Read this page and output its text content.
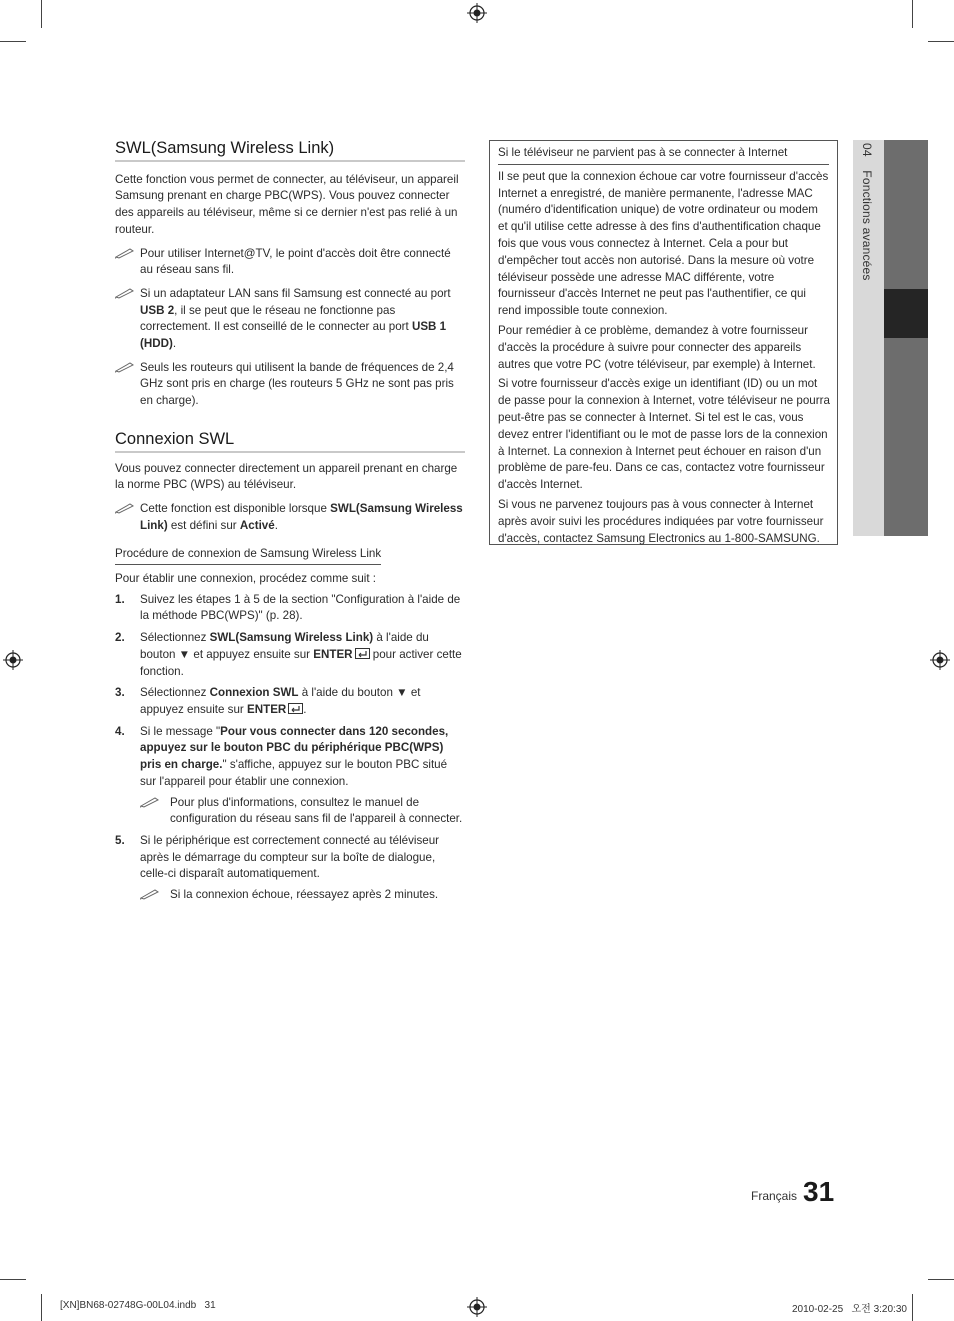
04 Fonctions avancées
SWL(Samsung Wireless Link)

Cette fonction vous permet de connecter, au téléviseur, un appareil Samsung prenant en charge PBC(WPS). Vous pouvez connecter des appareils au téléviseur, même si ce dernier n'est pas relié à un routeur.

Pour utiliser Internet@TV, le point d'accès doit être connecté au réseau sans fil.
Si un adaptateur LAN sans fil Samsung est connecté au port USB 2, il se peut que le réseau ne fonctionne pas correctement. Il est conseillé de le connecter au port USB 1 (HDD).
Seuls les routeurs qui utilisent la bande de fréquences de 2,4 GHz sont pris en charge (les routeurs 5 GHz ne sont pas pris en charge).
Connexion SWL

Vous pouvez connecter directement un appareil prenant en charge la norme PBC (WPS) au téléviseur.

Cette fonction est disponible lorsque SWL(Samsung Wireless Link) est défini sur Activé.
Procédure de connexion de Samsung Wireless Link

Pour établir une connexion, procédez comme suit :

1. Suivez les étapes 1 à 5 de la section "Configuration à l'aide de la méthode PBC(WPS)" (p. 28).
2. Sélectionnez SWL(Samsung Wireless Link) à l'aide du bouton ▼ et appuyez ensuite sur ENTER pour activer cette fonction.
3. Sélectionnez Connexion SWL à l'aide du bouton ▼ et appuyez ensuite sur ENTER .
4. Si le message "Pour vous connecter dans 120 secondes, appuyez sur le bouton PBC du périphérique PBC(WPS) pris en charge." s'affiche, appuyez sur le bouton PBC situé sur l'appareil pour établir une connexion.
Pour plus d'informations, consultez le manuel de configuration du réseau sans fil de l'appareil à connecter.
5. Si le périphérique est correctement connecté au téléviseur après le démarrage du compteur sur la boîte de dialogue, celle-ci disparaît automatiquement.
Si la connexion échoue, réessayez après 2 minutes.
Si le téléviseur ne parvient pas à se connecter à Internet

Il se peut que la connexion échoue car votre fournisseur d'accès Internet a enregistré, de manière permanente, l'adresse MAC (numéro d'identification unique) de votre ordinateur ou modem et qu'il utilise cette adresse à des fins d'authentification chaque fois que vous vous connectez à Internet. Cela a pour but d'empêcher tout accès non autorisé. Dans la mesure où votre téléviseur possède une adresse MAC différente, votre fournisseur d'accès Internet ne peut pas l'authentifier, ce qui rend impossible toute connexion.

Pour remédier à ce problème, demandez à votre fournisseur d'accès la procédure à suivre pour connecter des appareils autres que votre PC (votre téléviseur, par exemple) à Internet.

Si votre fournisseur d'accès exige un identifiant (ID) ou un mot de passe pour la connexion à Internet, votre téléviseur ne pourra peut-être pas se connecter à Internet. Si tel est le cas, vous devez entrer l'identifiant ou le mot de passe lors de la connexion à Internet. La connexion à Internet peut échouer en raison d'un problème de pare-feu. Dans ce cas, contactez votre fournisseur d'accès Internet.

Si vous ne parvenez toujours pas à vous connecter à Internet après avoir suivi les procédures indiquées par votre fournisseur d'accès, contactez Samsung Electronics au 1-800-SAMSUNG.

Français 31
[XN]BN68-02748G-00L04.indb   31	2010-02-25   오전 3:20:30
